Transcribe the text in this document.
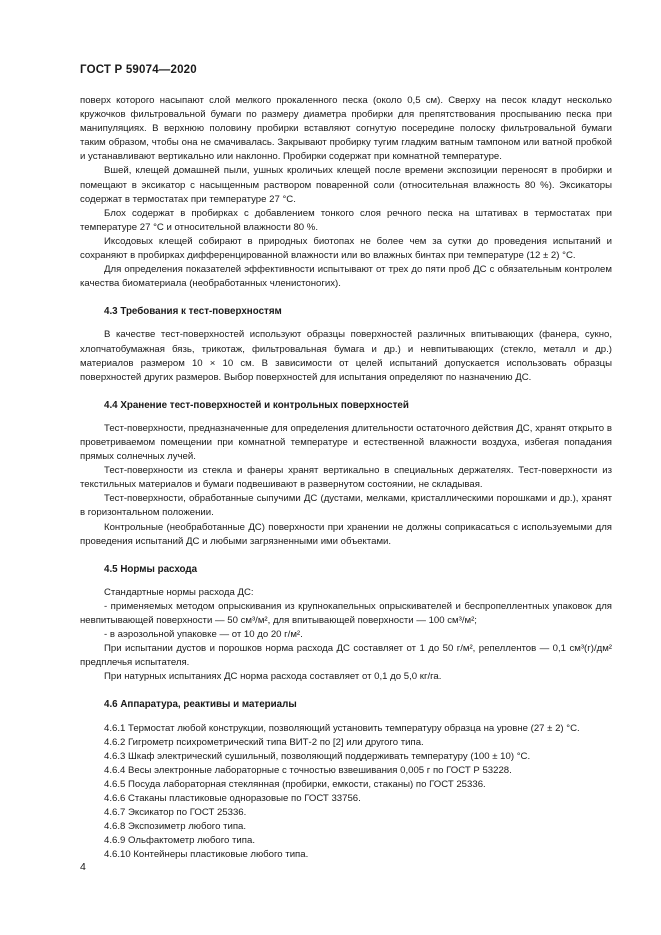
ГОСТ Р 59074—2020

поверх которого насыпают слой мелкого прокаленного песка (около 0,5 см). Сверху на песок кладут несколько кружочков фильтровальной бумаги по размеру диаметра пробирки для препятствования проспыванию песка при манипуляциях. В верхнюю половину пробирки вставляют согнутую посередине полоску фильтровальной бумаги таким образом, чтобы она не смачивалась. Закрывают пробирку тугим гладким ватным тампоном или ватной пробкой и устанавливают вертикально или наклонно. Пробирки содержат при комнатной температуре.

Вшей, клещей домашней пыли, ушных кроличьих клещей после времени экспозиции переносят в пробирки и помещают в эксикатор с насыщенным раствором поваренной соли (относительная влажность 80 %). Эксикаторы содержат в термостатах при температуре 27 °С.

Блох содержат в пробирках с добавлением тонкого слоя речного песка на штативах в термостатах при температуре 27 °С и относительной влажности 80 %.

Иксодовых клещей собирают в природных биотопах не более чем за сутки до проведения испытаний и сохраняют в пробирках дифференцированной влажности или во влажных бинтах при температуре (12 ± 2) °С.

Для определения показателей эффективности испытывают от трех до пяти проб ДС с обязательным контролем качества биоматериала (необработанных членистоногих).

4.3 Требования к тест-поверхностям

В качестве тест-поверхностей используют образцы поверхностей различных впитывающих (фанера, сукно, хлопчатобумажная бязь, трикотаж, фильтровальная бумага и др.) и невпитывающих (стекло, металл и др.) материалов размером 10 × 10 см. В зависимости от целей испытаний допускается использовать образцы поверхностей других размеров. Выбор поверхностей для испытания определяют по назначению ДС.

4.4 Хранение тест-поверхностей и контрольных поверхностей

Тест-поверхности, предназначенные для определения длительности остаточного действия ДС, хранят открыто в проветриваемом помещении при комнатной температуре и естественной влажности воздуха, избегая попадания прямых солнечных лучей.

Тест-поверхности из стекла и фанеры хранят вертикально в специальных держателях. Тест-поверхности из текстильных материалов и бумаги подвешивают в развернутом состоянии, не складывая.

Тест-поверхности, обработанные сыпучими ДС (дустами, мелками, кристаллическими порошками и др.), хранят в горизонтальном положении.

Контрольные (необработанные ДС) поверхности при хранении не должны соприкасаться с используемыми для проведения испытаний ДС и любыми загрязненными ими объектами.

4.5 Нормы расхода

Стандартные нормы расхода ДС:

- применяемых методом опрыскивания из крупнокапельных опрыскивателей и беспропеллентных упаковок для невпитывающей поверхности — 50 см³/м², для впитывающей поверхности — 100 см³/м²;

- в аэрозольной упаковке — от 10 до 20 г/м².

При испытании дустов и порошков норма расхода ДС составляет от 1 до 50 г/м², репеллентов — 0,1 см³(г)/дм² предплечья испытателя.

При натурных испытаниях ДС норма расхода составляет от 0,1 до 5,0 кг/га.

4.6 Аппаратура, реактивы и материалы

4.6.1 Термостат любой конструкции, позволяющий установить температуру образца на уровне (27 ± 2) °С.

4.6.2 Гигрометр психрометрический типа ВИТ-2 по [2] или другого типа.

4.6.3 Шкаф электрический сушильный, позволяющий поддерживать температуру (100 ± 10) °С.

4.6.4 Весы электронные лабораторные с точностью взвешивания 0,005 г по ГОСТ Р 53228.

4.6.5 Посуда лабораторная стеклянная (пробирки, емкости, стаканы) по ГОСТ 25336.

4.6.6 Стаканы пластиковые одноразовые по ГОСТ 33756.

4.6.7 Эксикатор по ГОСТ 25336.

4.6.8 Экспозиметр любого типа.

4.6.9 Ольфактометр любого типа.

4.6.10 Контейнеры пластиковые любого типа.

4
